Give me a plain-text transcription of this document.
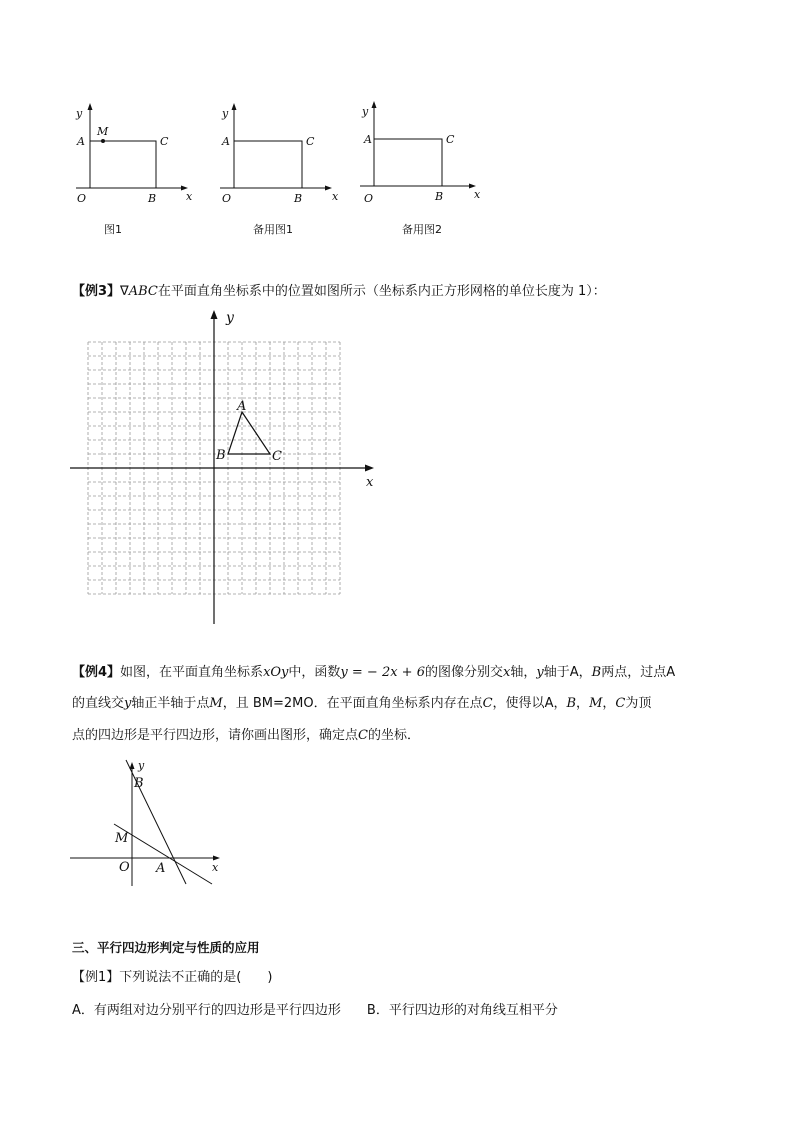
y
x
O
A
B
C
M
图1
y
x
O
A
B
C
备用图1
y
x
O
A
B
C
备用图2
【例3】∇ABC在平面直角坐标系中的位置如图所示（坐标系内正方形网格的单位长度为 1）：
y
x
A
B	C
【例4】如图，在平面直角坐标系xOy中，函数y = − 2x + 6的图像分别交x轴，y轴于A，B两点，过点A
的直线交y轴正半轴于点M，且 BM=2MO．在平面直角坐标系内存在点C，使得以A，B，M，C为顶
点的四边形是平行四边形，请你画出图形，确定点C的坐标．
y
x
B
M
O A
三、平行四边形判定与性质的应用
【例1】下列说法不正确的是(　　)
A．有两组对边分别平行的四边形是平行四边形 B．平行四边形的对角线互相平分
